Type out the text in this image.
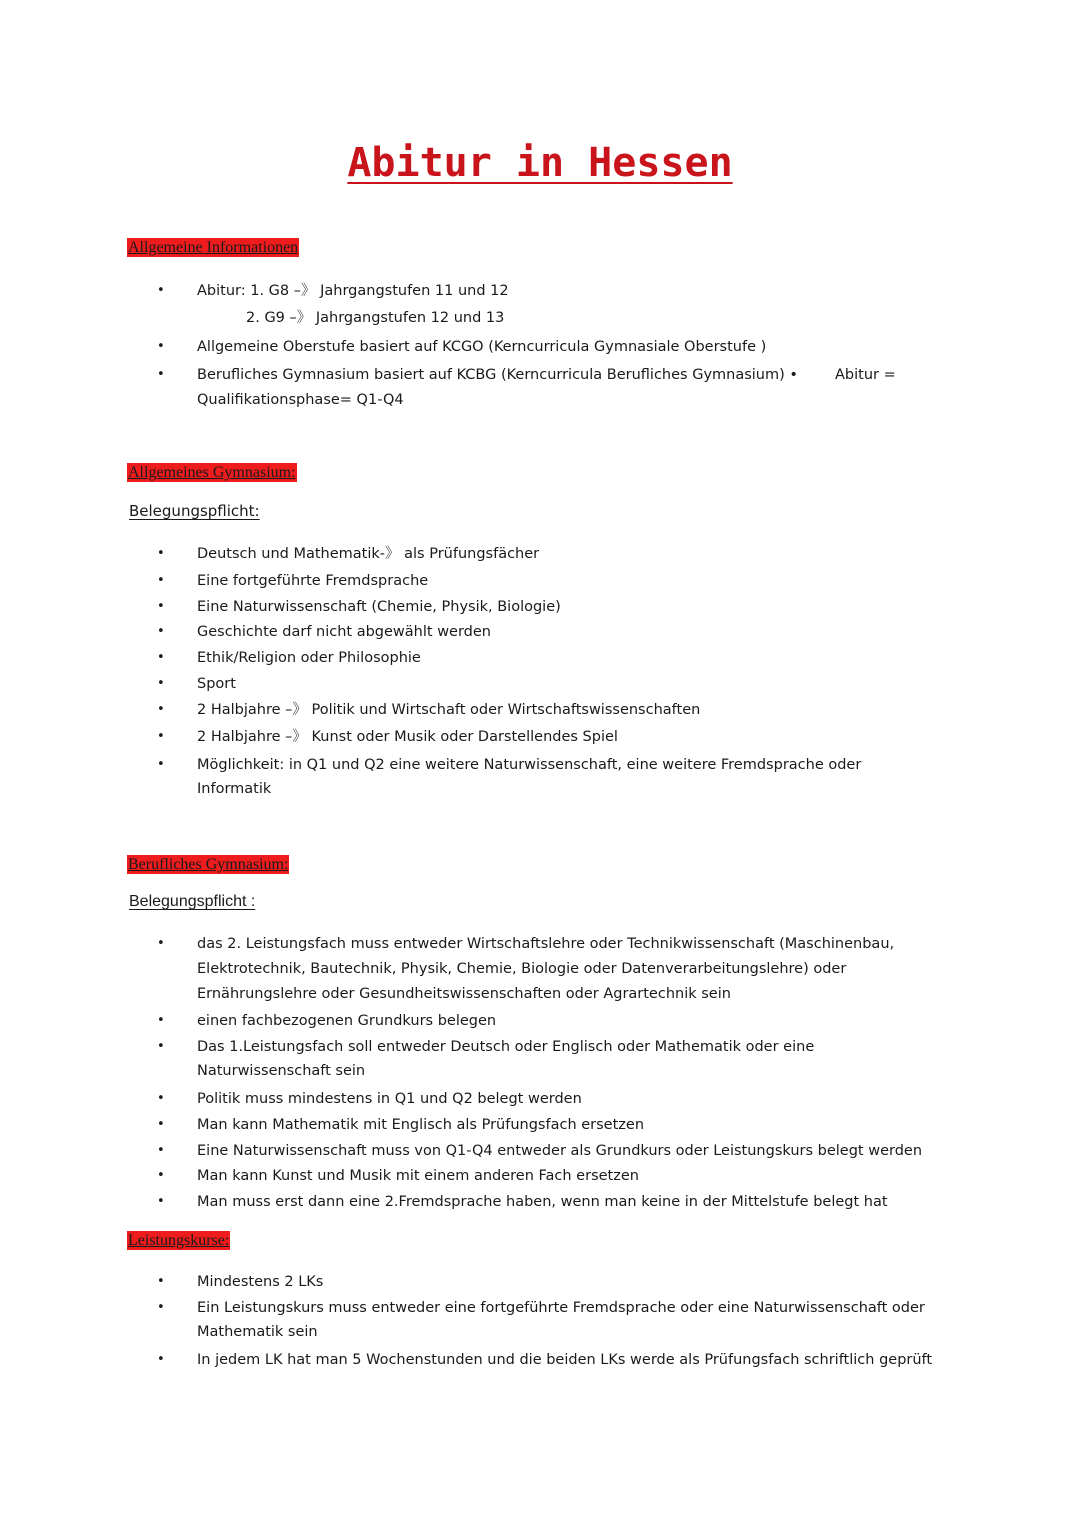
Abitur in Hessen
Allgemeine Informationen
• Abitur: 1. G8 –》 Jahrgangstufen 11 und 12

2. G9 –》 Jahrgangstufen 12 und 13

• Allgemeine Oberstufe basiert auf KCGO (Kerncurricula Gymnasiale Oberstufe )

• Berufliches Gymnasium basiert auf KCBG (Kerncurricula Berufliches Gymnasium) •	Abitur =

Qualifikationsphase= Q1-Q4

Allgemeines Gymnasium:

Belegungspflicht:

• Deutsch und Mathematik-》 als Prüfungsfächer

• Eine fortgeführte Fremdsprache

• Eine Naturwissenschaft (Chemie, Physik, Biologie)

• Geschichte darf nicht abgewählt werden

• Ethik/Religion oder Philosophie

• Sport

• 2 Halbjahre –》 Politik und Wirtschaft oder Wirtschaftswissenschaften

• 2 Halbjahre –》 Kunst oder Musik oder Darstellendes Spiel

• Möglichkeit: in Q1 und Q2 eine weitere Naturwissenschaft, eine weitere Fremdsprache oder Informatik

Berufliches Gymnasium:

Belegungspflicht :

• das 2. Leistungsfach muss entweder Wirtschaftslehre oder Technikwissenschaft (Maschinenbau, Elektrotechnik, Bautechnik, Physik, Chemie, Biologie oder Datenverarbeitungslehre) oder Ernährungslehre oder Gesundheitswissenschaften oder Agrartechnik sein

• einen fachbezogenen Grundkurs belegen

• Das 1.Leistungsfach soll entweder Deutsch oder Englisch oder Mathematik oder eine Naturwissenschaft sein

• Politik muss mindestens in Q1 und Q2 belegt werden

• Man kann Mathematik mit Englisch als Prüfungsfach ersetzen

• Eine Naturwissenschaft muss von Q1-Q4 entweder als Grundkurs oder Leistungskurs belegt werden

• Man kann Kunst und Musik mit einem anderen Fach ersetzen

• Man muss erst dann eine 2.Fremdsprache haben, wenn man keine in der Mittelstufe belegt hat

Leistungskurse:
• Mindestens 2 LKs

• Ein Leistungskurs muss entweder eine fortgeführte Fremdsprache oder eine Naturwissenschaft oder Mathematik sein

• In jedem LK hat man 5 Wochenstunden und die beiden LKs werde als Prüfungsfach schriftlich geprüft
